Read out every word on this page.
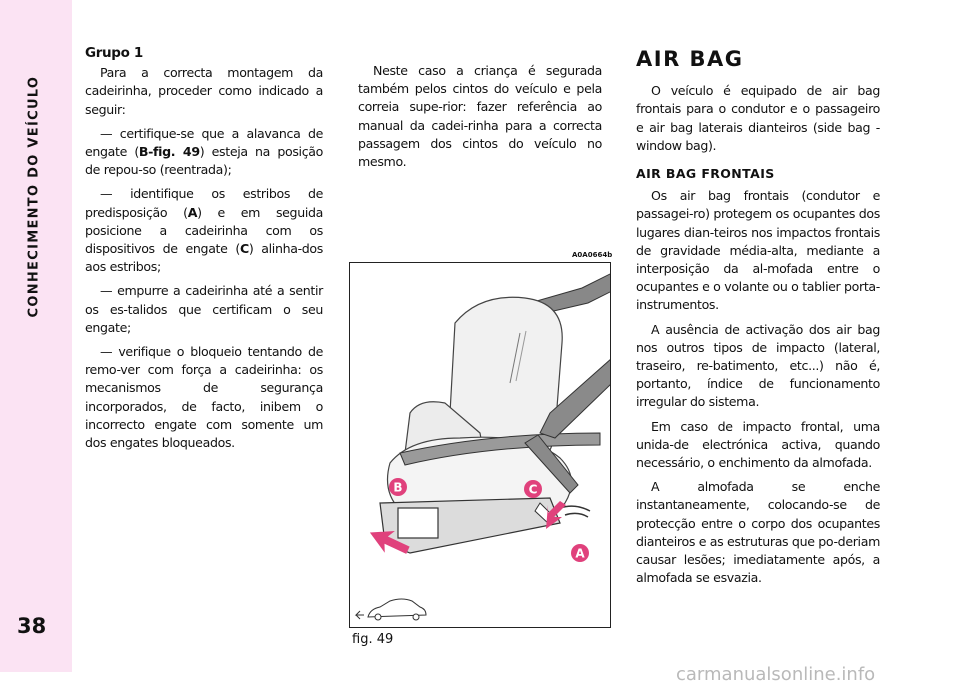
38
Grupo 1

Para a correcta montagem da cadeirinha, proceder como indicado a seguir:

— certifique-se que a alavanca de engate (B-fig. 49) esteja na posição de repou-so (reentrada);

— identifique os estribos de predisposição (A) e em seguida posicione a cadeirinha com os dispositivos de engate (C) alinha-dos aos estribos;

— empurre a cadeirinha até a sentir os es-talidos que certificam o seu engate;

— verifique o bloqueio tentando de remo-ver com força a cadeirinha: os mecanismos de segurança incorporados, de facto, inibem o incorrecto engate com somente um dos engates bloqueados.

Neste caso a criança é segurada também pelos cintos do veículo e pela correia supe-rior: fazer referência ao manual da cadei-rinha para a correcta passagem dos cintos do veículo no mesmo.

A0A0664b
B	C
A
fig. 49
AIR BAG

O veículo é equipado de air bag frontais para o condutor e o passageiro e air bag laterais dianteiros (side bag - window bag).

AIR BAG FRONTAIS

Os air bag frontais (condutor e passagei-ro) protegem os ocupantes dos lugares dian-teiros nos impactos frontais de gravidade média-alta, mediante a interposição da al-mofada entre o ocupantes e o volante ou o tablier porta-instrumentos.

A ausência de activação dos air bag nos outros tipos de impacto (lateral, traseiro, re-batimento, etc...) não é, portanto, índice de funcionamento irregular do sistema.

Em caso de impacto frontal, uma unida-de electrónica activa, quando necessário, o enchimento da almofada.

A almofada se enche instantaneamente, colocando-se de protecção entre o corpo dos ocupantes dianteiros e as estruturas que po-deriam causar lesões; imediatamente após, a almofada se esvazia.

carmanualsonline.info
